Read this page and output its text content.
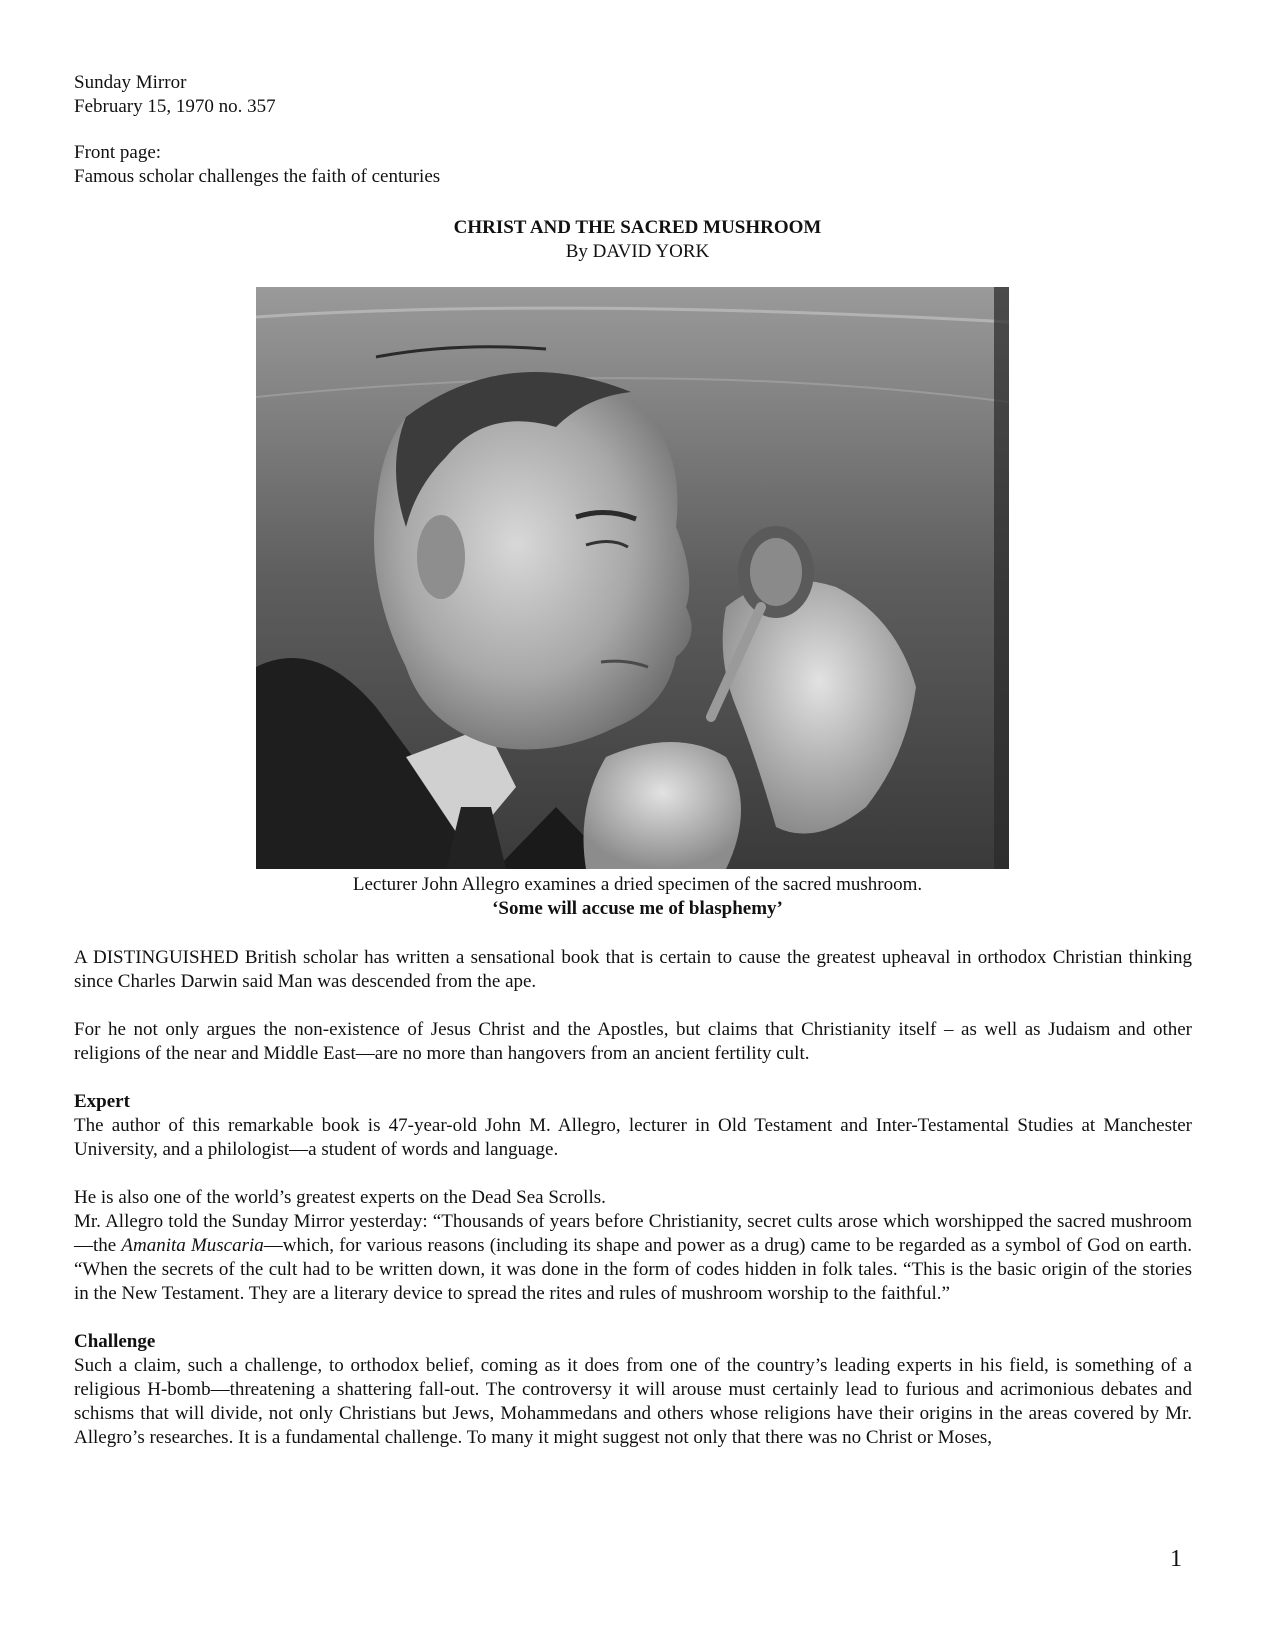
Sunday Mirror
February 15, 1970 no. 357
Front page:
Famous scholar challenges the faith of centuries
CHRIST AND THE SACRED MUSHROOM
By DAVID YORK
Lecturer John Allegro examines a dried specimen of the sacred mushroom.
‘Some will accuse me of blasphemy’

A DISTINGUISHED British scholar has written a sensational book that is certain to cause the greatest upheaval in orthodox Christian thinking since Charles Darwin said Man was descended from the ape.

For he not only argues the non-existence of Jesus Christ and the Apostles, but claims that Christianity itself – as well as Judaism and other religions of the near and Middle East—are no more than hangovers from an ancient fertility cult.

Expert

The author of this remarkable book is 47-year-old John M. Allegro, lecturer in Old Testament and Inter-Testamental Studies at Manchester University, and a philologist—a student of words and language.

He is also one of the world’s greatest experts on the Dead Sea Scrolls.

Mr. Allegro told the Sunday Mirror yesterday: “Thousands of years before Christianity, secret cults arose which worshipped the sacred mushroom—the Amanita Muscaria—which, for various reasons (including its shape and power as a drug) came to be regarded as a symbol of God on earth. “When the secrets of the cult had to be written down, it was done in the form of codes hidden in folk tales. “This is the basic origin of the stories in the New Testament. They are a literary device to spread the rites and rules of mushroom worship to the faithful.”

Challenge

Such a claim, such a challenge, to orthodox belief, coming as it does from one of the country’s leading experts in his field, is something of a religious H-bomb—threatening a shattering fall-out. The controversy it will arouse must certainly lead to furious and acrimonious debates and schisms that will divide, not only Christians but Jews, Mohammedans and others whose religions have their origins in the areas covered by Mr. Allegro’s researches. It is a fundamental challenge. To many it might suggest not only that there was no Christ or Moses,

1
